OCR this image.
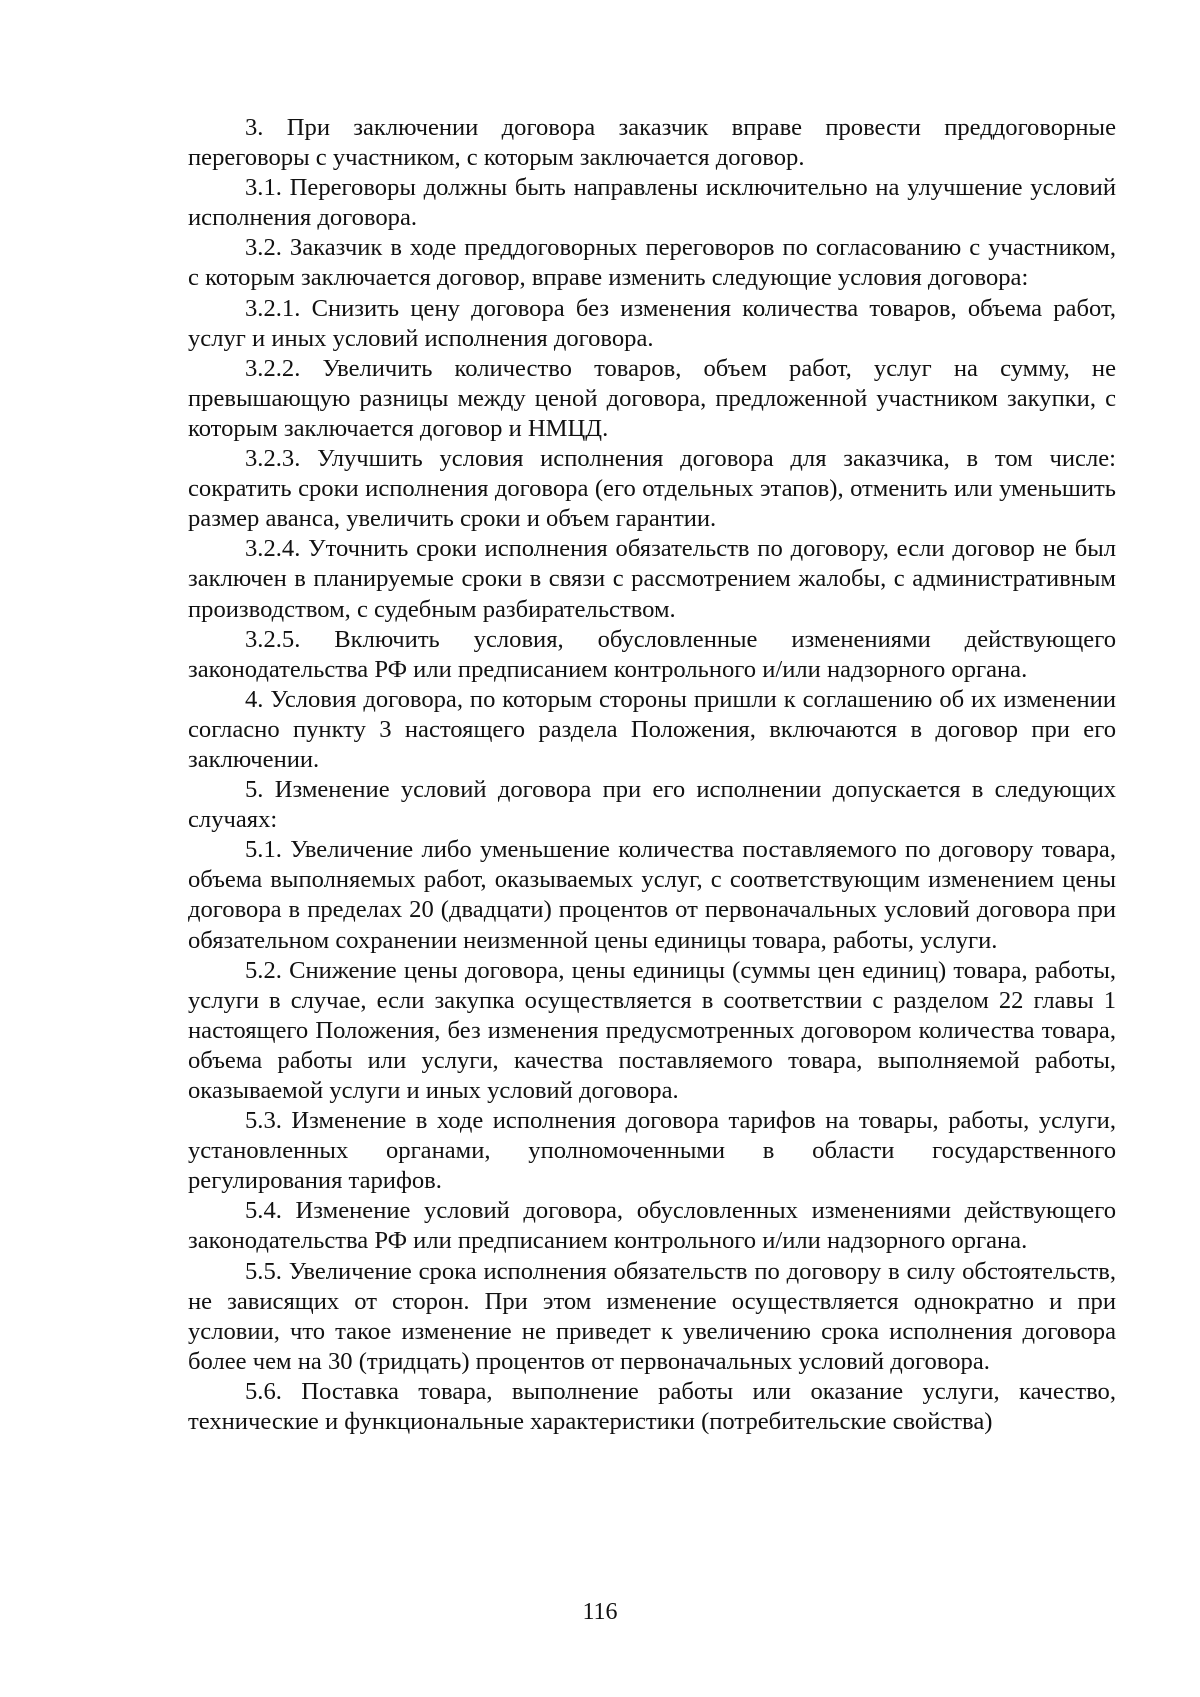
3. При заключении договора заказчик вправе провести преддоговорные переговоры с участником, с которым заключается договор.

3.1. Переговоры должны быть направлены исключительно на улучшение условий исполнения договора.

3.2. Заказчик в ходе преддоговорных переговоров по согласованию с участником, с которым заключается договор, вправе изменить следующие условия договора:

3.2.1. Снизить цену договора без изменения количества товаров, объема работ, услуг и иных условий исполнения договора.

3.2.2. Увеличить количество товаров, объем работ, услуг на сумму, не превышающую разницы между ценой договора, предложенной участником закупки, с которым заключается договор и НМЦД.

3.2.3. Улучшить условия исполнения договора для заказчика, в том числе: сократить сроки исполнения договора (его отдельных этапов), отменить или уменьшить размер аванса, увеличить сроки и объем гарантии.

3.2.4. Уточнить сроки исполнения обязательств по договору, если договор не был заключен в планируемые сроки в связи с рассмотрением жалобы, с административным производством, с судебным разбирательством.

3.2.5. Включить условия, обусловленные изменениями действующего законодательства РФ или предписанием контрольного и/или надзорного органа.

4. Условия договора, по которым стороны пришли к соглашению об их изменении согласно пункту 3 настоящего раздела Положения, включаются в договор при его заключении.

5. Изменение условий договора при его исполнении допускается в следующих случаях:

5.1. Увеличение либо уменьшение количества поставляемого по договору товара, объема выполняемых работ, оказываемых услуг, с соответствующим изменением цены договора в пределах 20 (двадцати) процентов от первоначальных условий договора при обязательном сохранении неизменной цены единицы товара, работы, услуги.

5.2. Снижение цены договора, цены единицы (суммы цен единиц) товара, работы, услуги в случае, если закупка осуществляется в соответствии с разделом 22 главы 1 настоящего Положения, без изменения предусмотренных договором количества товара, объема работы или услуги, качества поставляемого товара, выполняемой работы, оказываемой услуги и иных условий договора.

5.3. Изменение в ходе исполнения договора тарифов на товары, работы, услуги, установленных органами, уполномоченными в области государственного регулирования тарифов.

5.4. Изменение условий договора, обусловленных изменениями действующего законодательства РФ или предписанием контрольного и/или надзорного органа.

5.5. Увеличение срока исполнения обязательств по договору в силу обстоятельств, не зависящих от сторон. При этом изменение осуществляется однократно и при условии, что такое изменение не приведет к увеличению срока исполнения договора более чем на 30 (тридцать) процентов от первоначальных условий договора.

5.6. Поставка товара, выполнение работы или оказание услуги, качество, технические и функциональные характеристики (потребительские свойства)

116
